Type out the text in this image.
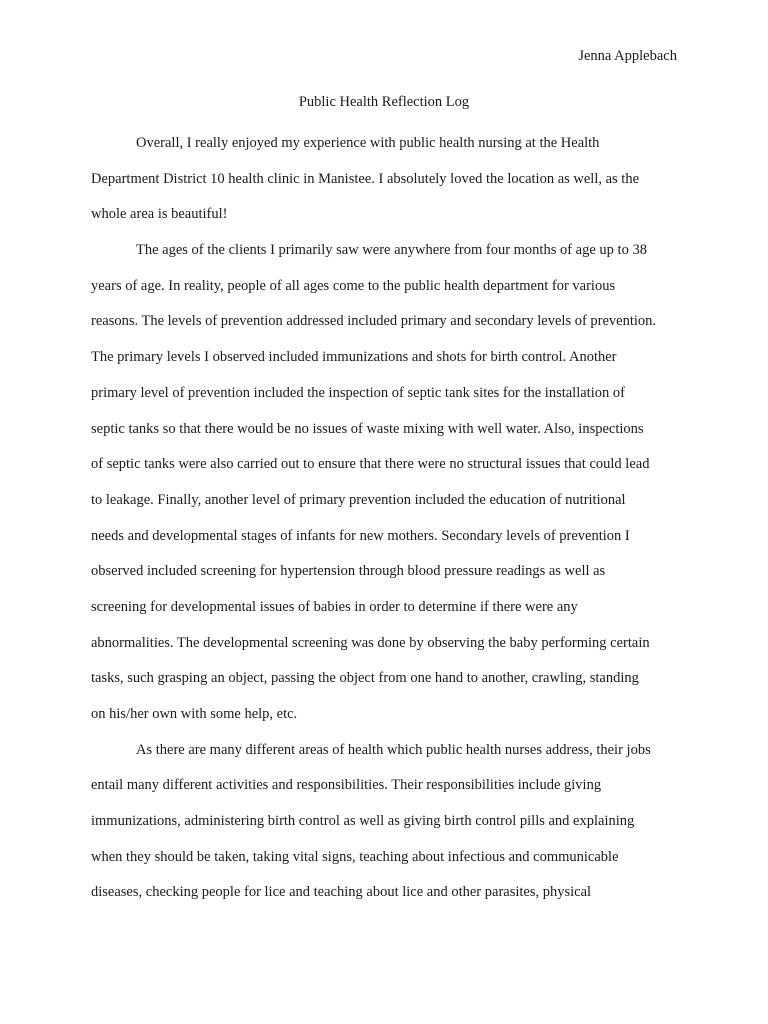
Jenna Applebach
Public Health Reflection Log

Overall, I really enjoyed my experience with public health nursing at the Health
Department District 10 health clinic in Manistee. I absolutely loved the location as well, as the
whole area is beautiful!

The ages of the clients I primarily saw were anywhere from four months of age up to 38
years of age. In reality, people of all ages come to the public health department for various
reasons. The levels of prevention addressed included primary and secondary levels of prevention.
The primary levels I observed included immunizations and shots for birth control. Another
primary level of prevention included the inspection of septic tank sites for the installation of
septic tanks so that there would be no issues of waste mixing with well water. Also, inspections
of septic tanks were also carried out to ensure that there were no structural issues that could lead
to leakage. Finally, another level of primary prevention included the education of nutritional
needs and developmental stages of infants for new mothers. Secondary levels of prevention I
observed included screening for hypertension through blood pressure readings as well as
screening for developmental issues of babies in order to determine if there were any
abnormalities. The developmental screening was done by observing the baby performing certain
tasks, such grasping an object, passing the object from one hand to another, crawling, standing
on his/her own with some help, etc.

As there are many different areas of health which public health nurses address, their jobs
entail many different activities and responsibilities. Their responsibilities include giving
immunizations, administering birth control as well as giving birth control pills and explaining
when they should be taken, taking vital signs, teaching about infectious and communicable
diseases, checking people for lice and teaching about lice and other parasites, physical
